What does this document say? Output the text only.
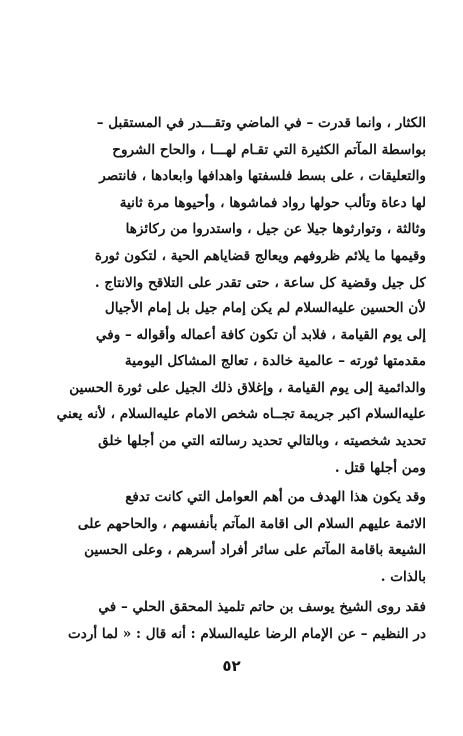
الكثار ، وانما قدرت – في الماضي وتقـــدر في المستقبل –
بواسطة المآتم الكثيرة التي تقـام لهـــا ، والحاح الشروح
والتعليقات ، على بسط فلسفتها واهدافها وابعادها ، فانتصر
لها دعاة وتألب حولها رواد فماشوها ، وأحيوها مرة ثانية
وثالثة ، وتوارثوها جيلا عن جيل ، واستدروا من ركائزها
وقيمها ما يلائم ظروفهم ويعالج قضاياهم الحية ، لتكون ثورة
كل جيل وقضية كل ساعة ، حتى تقدر على التلاقح والانتاج .
لأن الحسين عليه‌السلام لم يكن إمام جيل بل إمام الأجيال
إلى يوم القيامة ، فلابد أن تكون كافة أعماله وأقواله – وفي
مقدمتها ثورته – عالمية خالدة ، تعالج المشاكل اليومية
والدائمية إلى يوم القيامة ، وإغلاق ذلك الجيل على ثورة الحسين
عليه‌السلام اكبر جريمة تجــاه شخص الامام عليه‌السلام ، لأنه يعني
تحديد شخصيته ، وبالتالي تحديد رسالته التي من أجلها خلق
ومن أجلها قتل .
وقد يكون هذا الهدف من أهم العوامل التي كانت تدفع
الائمة عليهم السلام الى اقامة المآتم بأنفسهم ، والحاحهم على
الشيعة باقامة المآتم على سائر أفراد أسرهم ، وعلى الحسين
بالذات .
فقد روى الشيخ يوسف بن حاتم تلميذ المحقق الحلي – في
در النظيم – عن الإمام الرضا عليه‌السلام : أنه قال : « لما أردت
٥٢
